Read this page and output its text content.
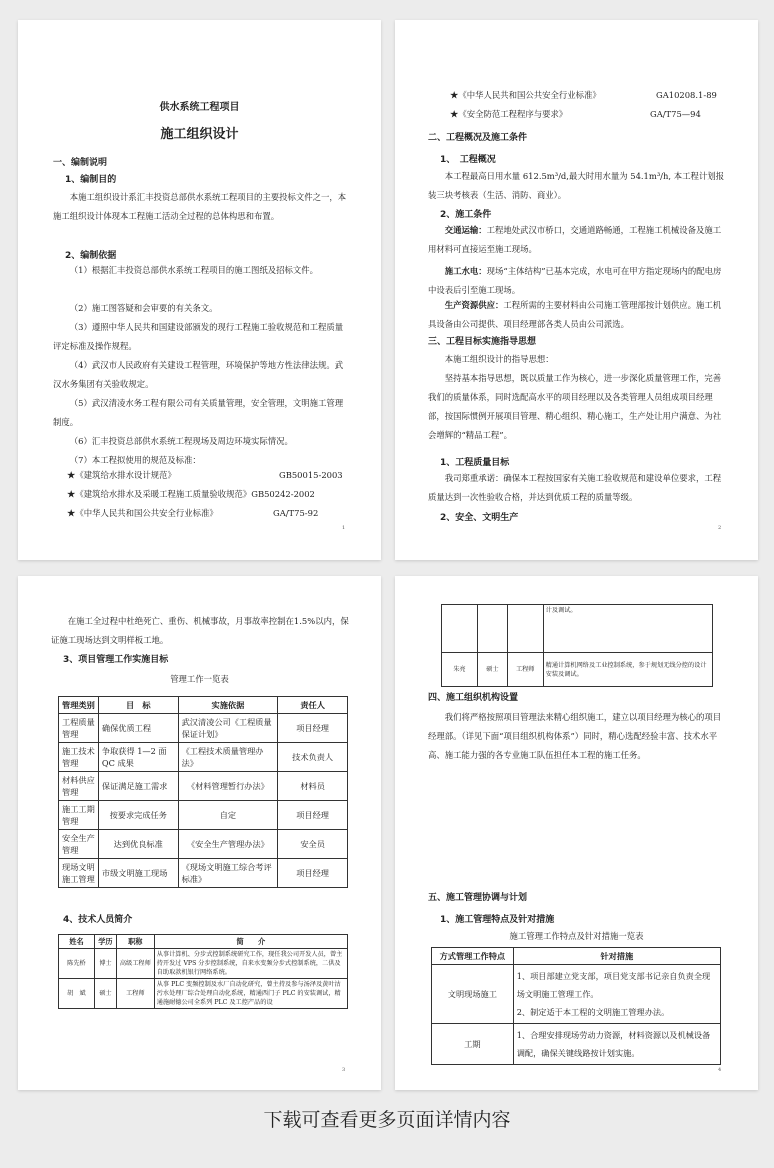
供水系统工程项目
施工组织设计
一、编制说明
1、编制目的
本施工组织设计系汇丰投资总部供水系统工程项目的主要投标文件之一，本施工组织设计体现本工程施工活动全过程的总体构思和布置。
2、编制依据
（1）根据汇丰投资总部供水系统工程项目的施工图纸及招标文件。
（2）施工图答疑和会审要的有关条文。
（3）遵照中华人民共和国建设部颁发的现行工程施工验收规范和工程质量评定标准及操作规程。
（4）武汉市人民政府有关建设工程管理，环境保护等地方性法律法规。武汉水务集团有关验收规定。
（5）武汉清凌水务工程有限公司有关质量管理，安全管理，文明施工管理制度。
（6）汇丰投资总部供水系统工程现场及周边环境实际情况。
（7）本工程拟使用的规范及标准：
★《建筑给水排水设计规范》	GB50015-2003
★《建筑给水排水及采暖工程施工质量验收规范》GB50242-2002
★《中华人民共和国公共安全行业标准》	GA/T75-92
1
★《中华人民共和国公共安全行业标准》	GA10208.1-89
★《安全防范工程程序与要求》	GA/T75—94
二、工程概况及施工条件
1、　工程概况
本工程最高日用水量 612.5m³/d,最大时用水量为 54.1m³/h, 本工程计划报装三块考核表（生活、消防、商业）。
2、施工条件
交通运输：工程地处武汉市桥口，交通道路畅通，工程施工机械设备及施工用材料可直接运至施工现场。
施工水电：现场“主体结构”已基本完成，水电可在甲方指定现场内的配电房中设表后引至施工现场。
生产资源供应：工程所需的主要材料由公司施工管理部按计划供应。施工机具设备由公司提供、项目经理部各类人员由公司派选。
三、工程目标实施指导思想
本施工组织设计的指导思想：
坚持基本指导思想，既以质量工作为核心，进一步深化质量管理工作，完善我们的质量体系，同时选配高水平的项目经理以及各类管理人员组成项目经理部，按国际惯例开展项目管理、精心组织、精心施工，生产处让用户满意、为社会增辉的“精品工程”。
1、工程质量目标
我司郑重承诺：确保本工程按国家有关施工验收规范和建设单位要求，工程质量达到一次性验收合格，并达到优质工程的质量等级。
2、安全、文明生产
2
在施工全过程中杜绝死亡、重伤、机械事故，月事故率控制在1.5%以内，保证施工现场达到文明样板工地。
3、项目管理工作实施目标
管理工作一览表
管理类别	目　标	实施依据	责任人
工程质量管理	确保优质工程	武汉清凌公司《工程质量保证计划》	项目经理
施工技术管理	争取获得 1—2 面QC 成果	《工程技术质量管理办法》	技术负责人
材料供应管理	保证满足施工需求	《材料管理暂行办法》	材料员
施工工期管理	按要求完成任务	自定	项目经理
安全生产管理	达到优良标准	《安全生产管理办法》	安全员
现场文明施工管理	市级文明施工现场	《现场文明施工综合考评标准》	项目经理
4、技术人员简介
姓名	学历	职称	简　　介
陈先桥	博士	高级工程师	从事计算机、分步式控制系统研究工作，现任我公司开发人员，曾主持开发过 VPS 分步控制系统，自来水变频分步式控制系统，二供及自助取款机银行网络系统。
胡　斌	硕士	工程师	从事 PLC 变频控制及水厂自动化研究，曾主持及参与汤泽及黄叶沽污水处理厂综合处理自动化系统，精通西门子 PLC 的安装调试，精通施耐德公司全系列 PLC 及工控产品的设
3
			计及调试。
朱亮	硕士	工程师	精通计算机网络及工业控制系统，参于规划无线分控的设计安装及调试。
四、施工组织机构设置
我们将严格按照项目管理法来精心组织施工，建立以项目经理为核心的项目经理部。（详见下面“项目组织机构体系”）同时，精心选配经验丰富、技术水平高、施工能力强的各专业施工队伍担任本工程的施工任务。
五、施工管理协调与计划
1、施工管理特点及针对措施
施工管理工作特点及针对措施一览表
方式管理工作特点	针对措施
文明现场施工	1、项目部建立党支部，项目党支部书记亲自负责全现场文明施工管理工作。
2、制定适于本工程的文明施工管理办法。
工期	1、合理安排现场劳动力资源，材料资源以及机械设备调配，确保关键线路按计划实施。
4
下载可查看更多页面详情内容
